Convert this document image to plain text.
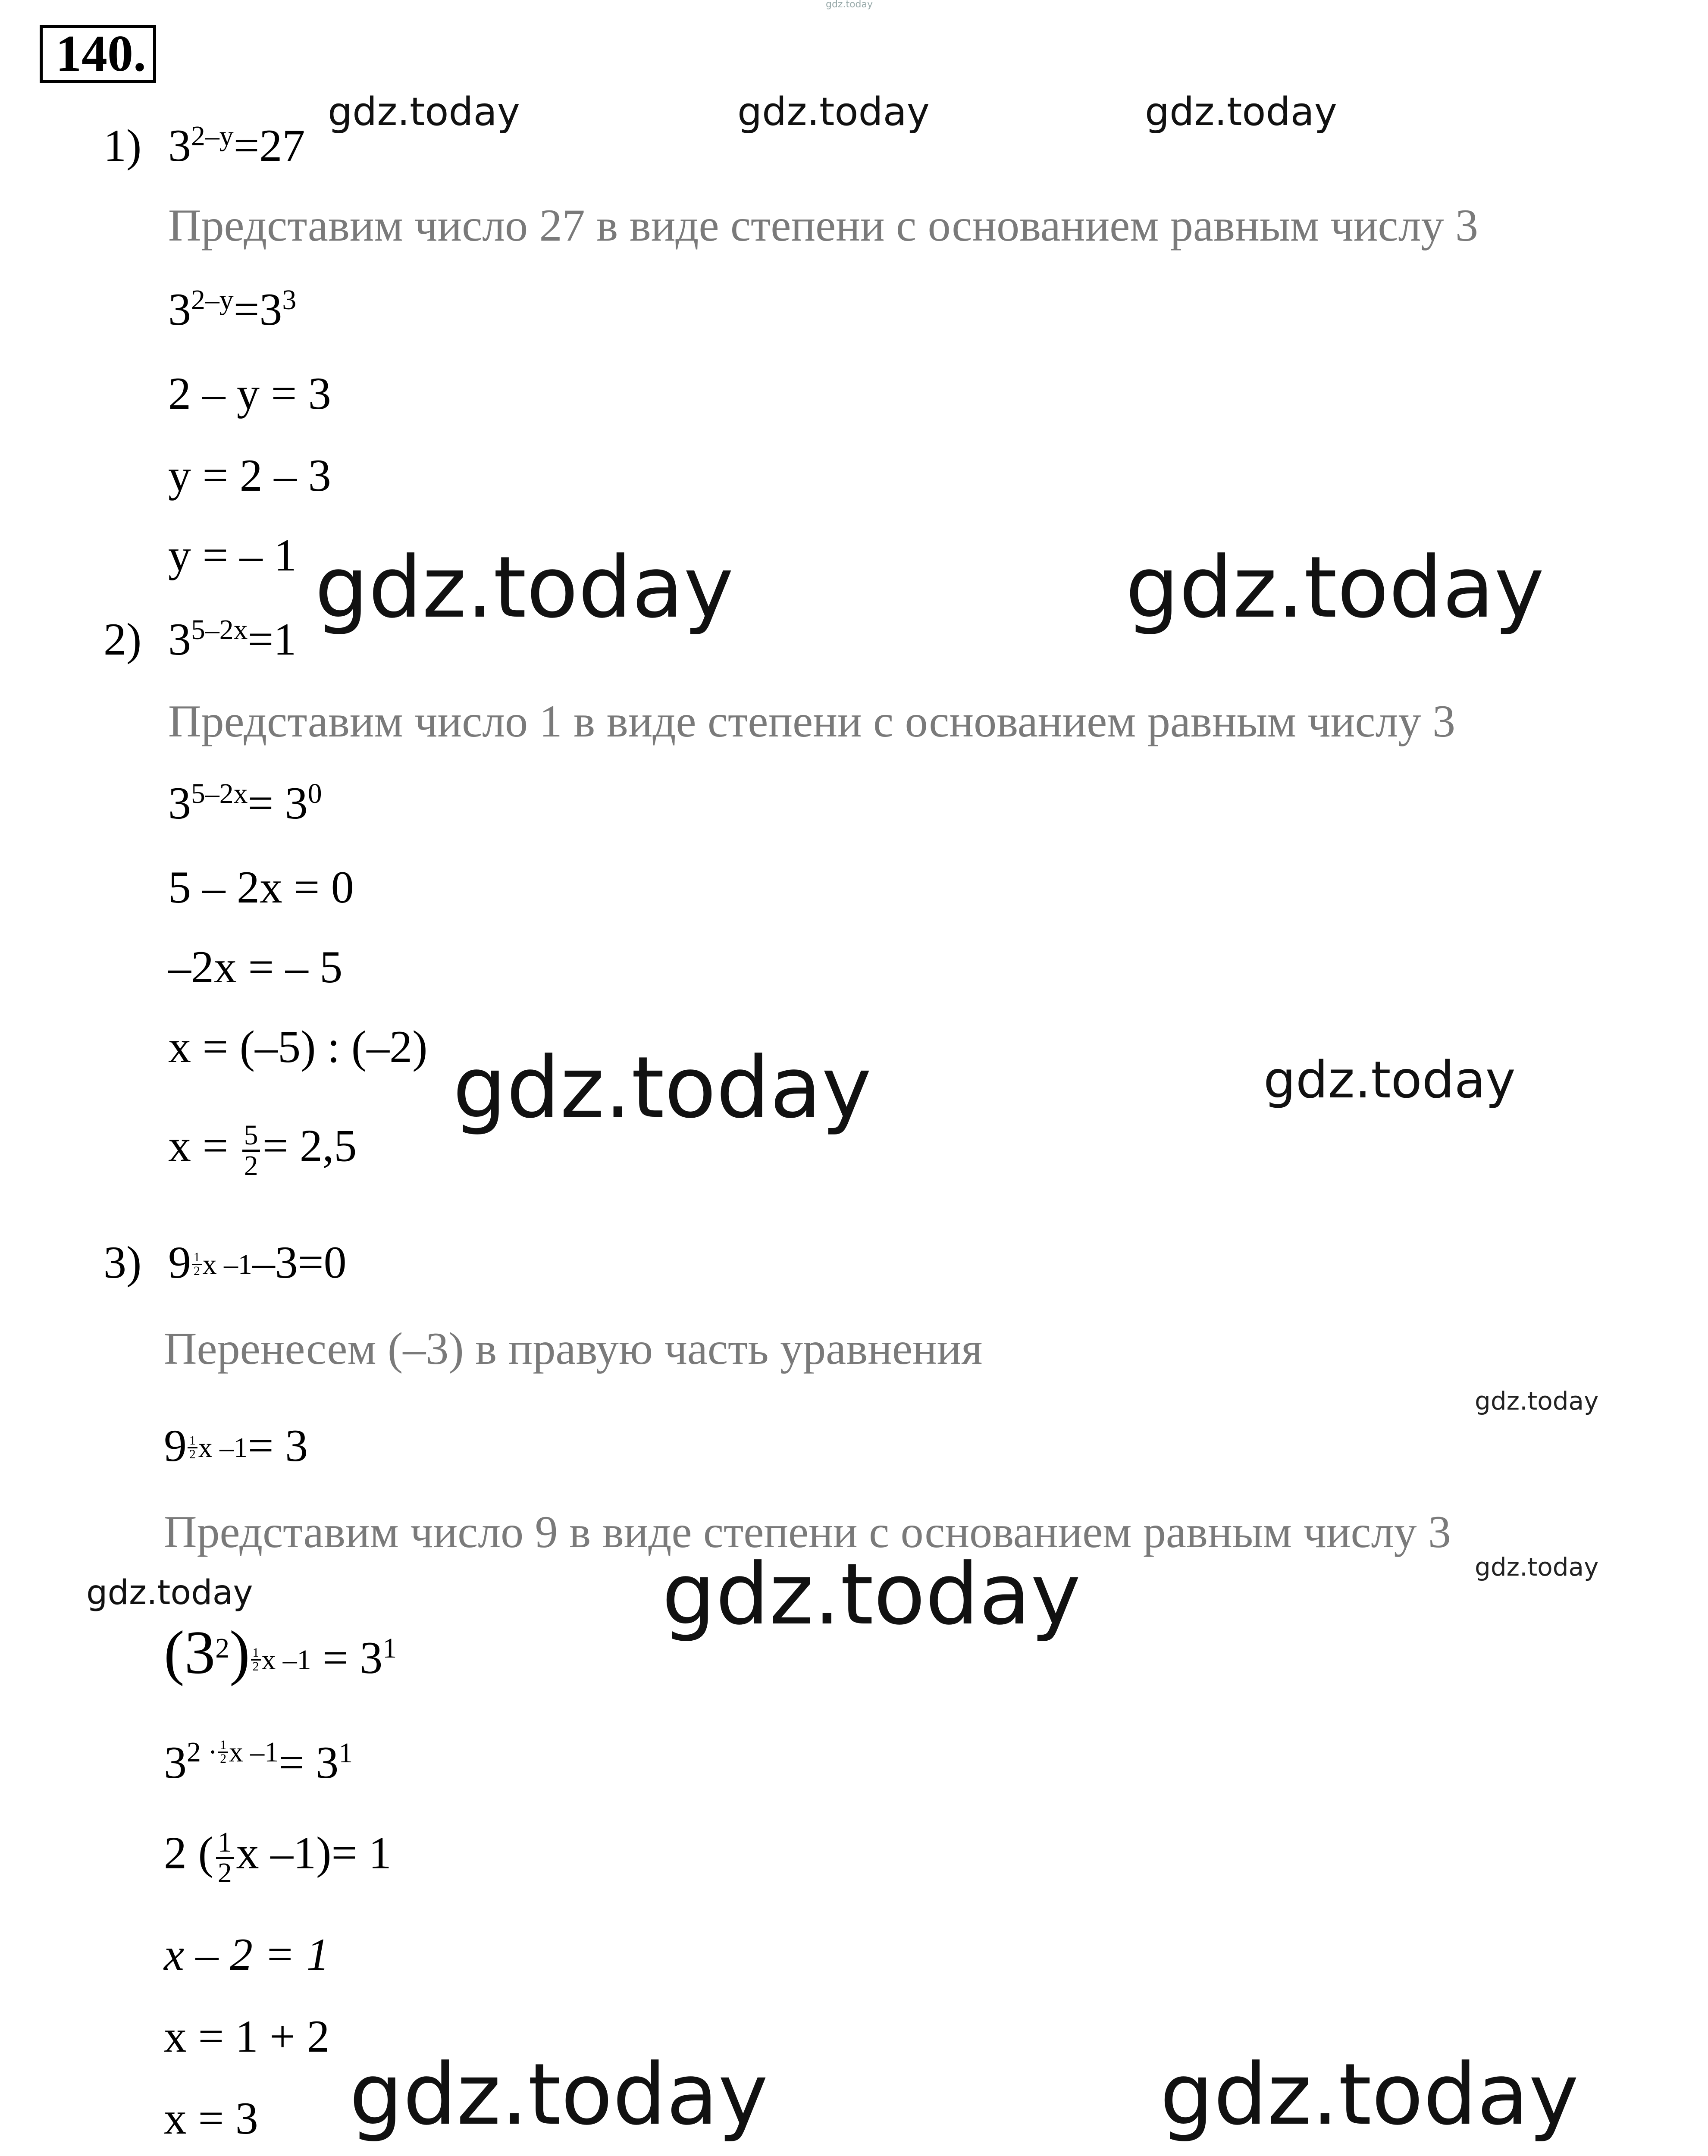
gdz.today
140.
1) $3^{2-y}=27$
Представим число 27 в виде степени с основанием равным числу 3
$3^{2-y}=3^3$
2 – y = 3
y = 2 – 3
y = – 1
2) $3^{5-2x}=1$
Представим число 1 в виде степени с основанием равным числу 3
$3^{5-2x}= 3^0$
5 – 2x = 0
–2x = – 5
x = (–5) : (–2)
$x = \frac{5}{2} = 2,5$
3) $9 \frac{1}{2}$ x –1 –3=0
Перенесем (–3) в правую часть уравнения
$9 \frac{1}{2}$ x –1 = 3
Представим число 9 в виде степени с основанием равным числу 3
$(3^2) \frac{1}{2}$ x $-1 = 3^1$
3 $2 \cdot \frac{1}{2}$ x $-1 = 3^1$
2 ( $\frac{1}{2}$ x –1)= 1
x – 2 = 1
x = 1 + 2
x = 3
gdz.today	gdz.today	gdz.today
gdz.today	gdz.today
gdz.today	gdz.today
gdz.today
gdz.today	gdz.today
gdz.today
gdz.today	gdz.today
